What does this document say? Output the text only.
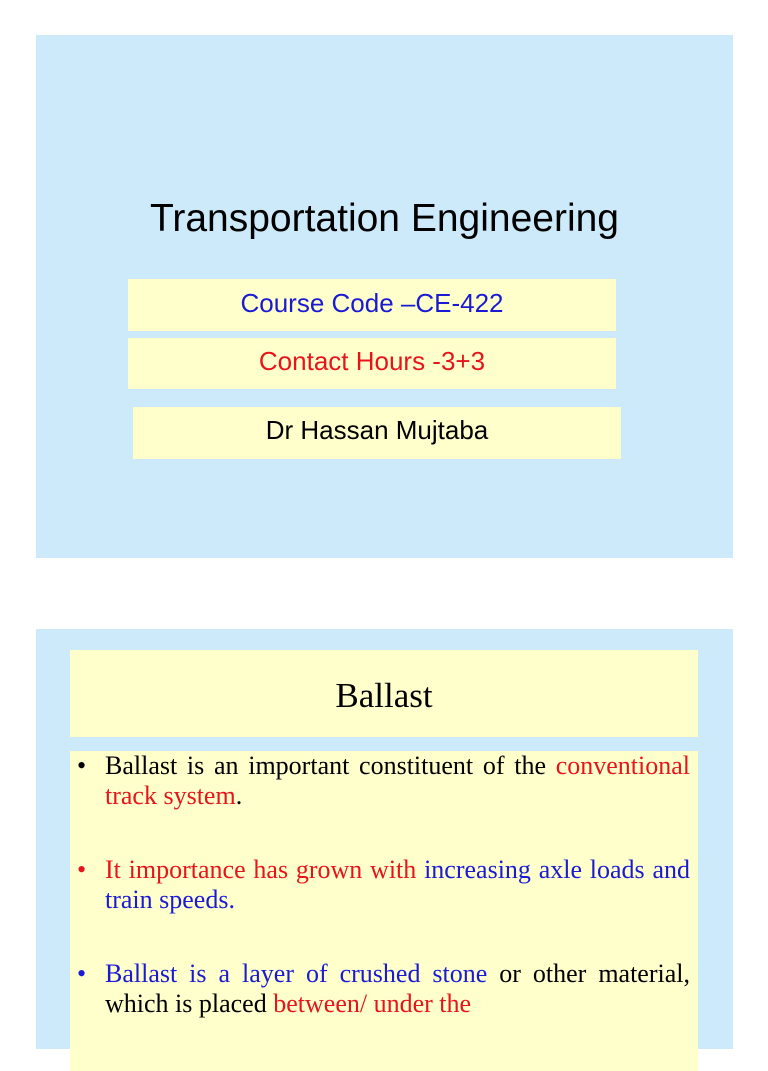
Transportation Engineering
Course Code –CE-422
Contact Hours -3+3
Dr Hassan Mujtaba
Ballast
• Ballast is an important constituent of the conventional track system.
• It importance has grown with increasing axle loads and train speeds.
• Ballast is a layer of crushed stone or other material, which is placed between/ under the
